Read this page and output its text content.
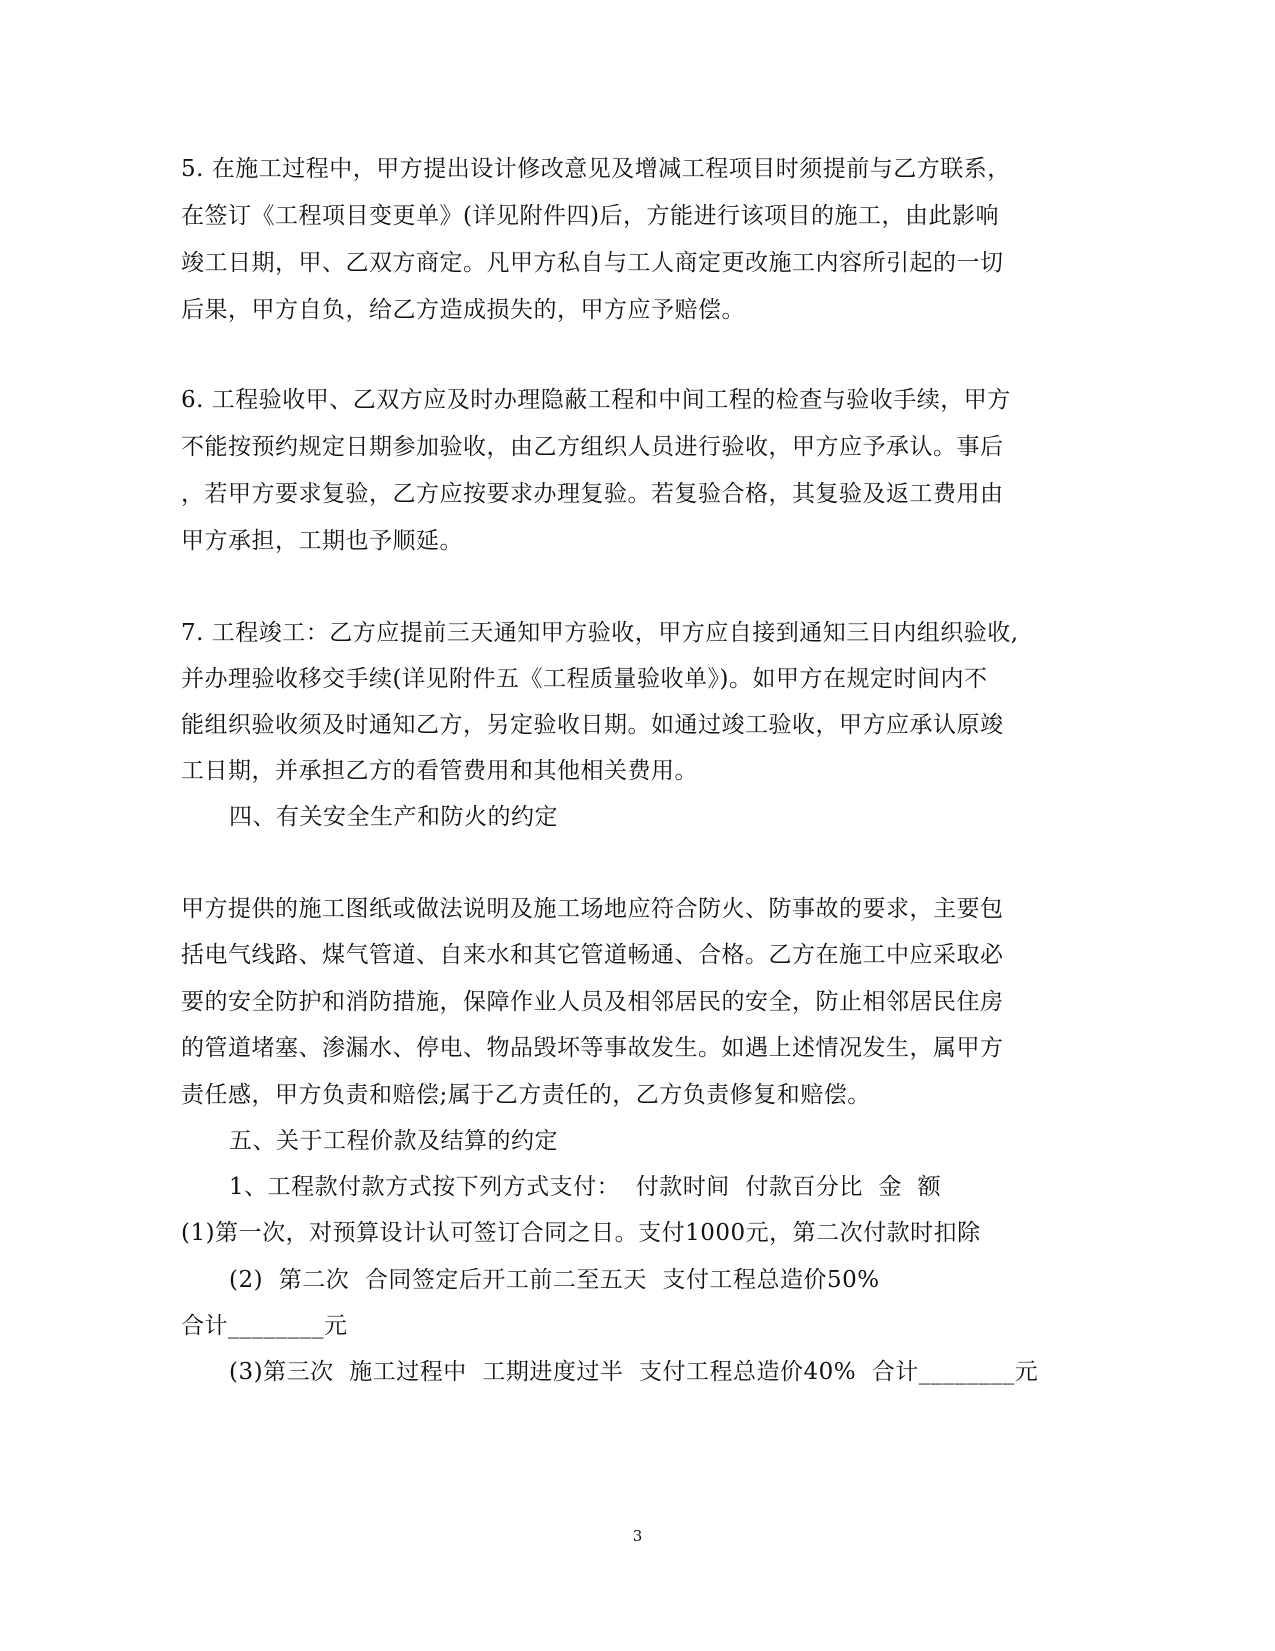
5. 在施工过程中，甲方提出设计修改意见及增减工程项目时须提前与乙方联系，
在签订《工程项目变更单》(详见附件四)后，方能进行该项目的施工，由此影响
竣工日期，甲、乙双方商定。凡甲方私自与工人商定更改施工内容所引起的一切
后果，甲方自负，给乙方造成损失的，甲方应予赔偿。
6. 工程验收甲、乙双方应及时办理隐蔽工程和中间工程的检查与验收手续，甲方
不能按预约规定日期参加验收，由乙方组织人员进行验收，甲方应予承认。事后
，若甲方要求复验，乙方应按要求办理复验。若复验合格，其复验及返工费用由
甲方承担，工期也予顺延。
7. 工程竣工：乙方应提前三天通知甲方验收，甲方应自接到通知三日内组织验收,
并办理验收移交手续(详见附件五《工程质量验收单》)。如甲方在规定时间内不
能组织验收须及时通知乙方，另定验收日期。如通过竣工验收，甲方应承认原竣
工日期，并承担乙方的看管费用和其他相关费用。
四、有关安全生产和防火的约定
甲方提供的施工图纸或做法说明及施工场地应符合防火、防事故的要求，主要包
括电气线路、煤气管道、自来水和其它管道畅通、合格。乙方在施工中应采取必
要的安全防护和消防措施，保障作业人员及相邻居民的安全，防止相邻居民住房
的管道堵塞、渗漏水、停电、物品毁坏等事故发生。如遇上述情况发生，属甲方
责任感，甲方负责和赔偿;属于乙方责任的，乙方负责修复和赔偿。
五、关于工程价款及结算的约定
1、工程款付款方式按下列方式支付：  付款时间  付款百分比  金  额
(1)第一次，对预算设计认可签订合同之日。支付1000元，第二次付款时扣除
(2)  第二次  合同签定后开工前二至五天  支付工程总造价50%
合计________元
(3)第三次  施工过程中  工期进度过半  支付工程总造价40%  合计________元
3
